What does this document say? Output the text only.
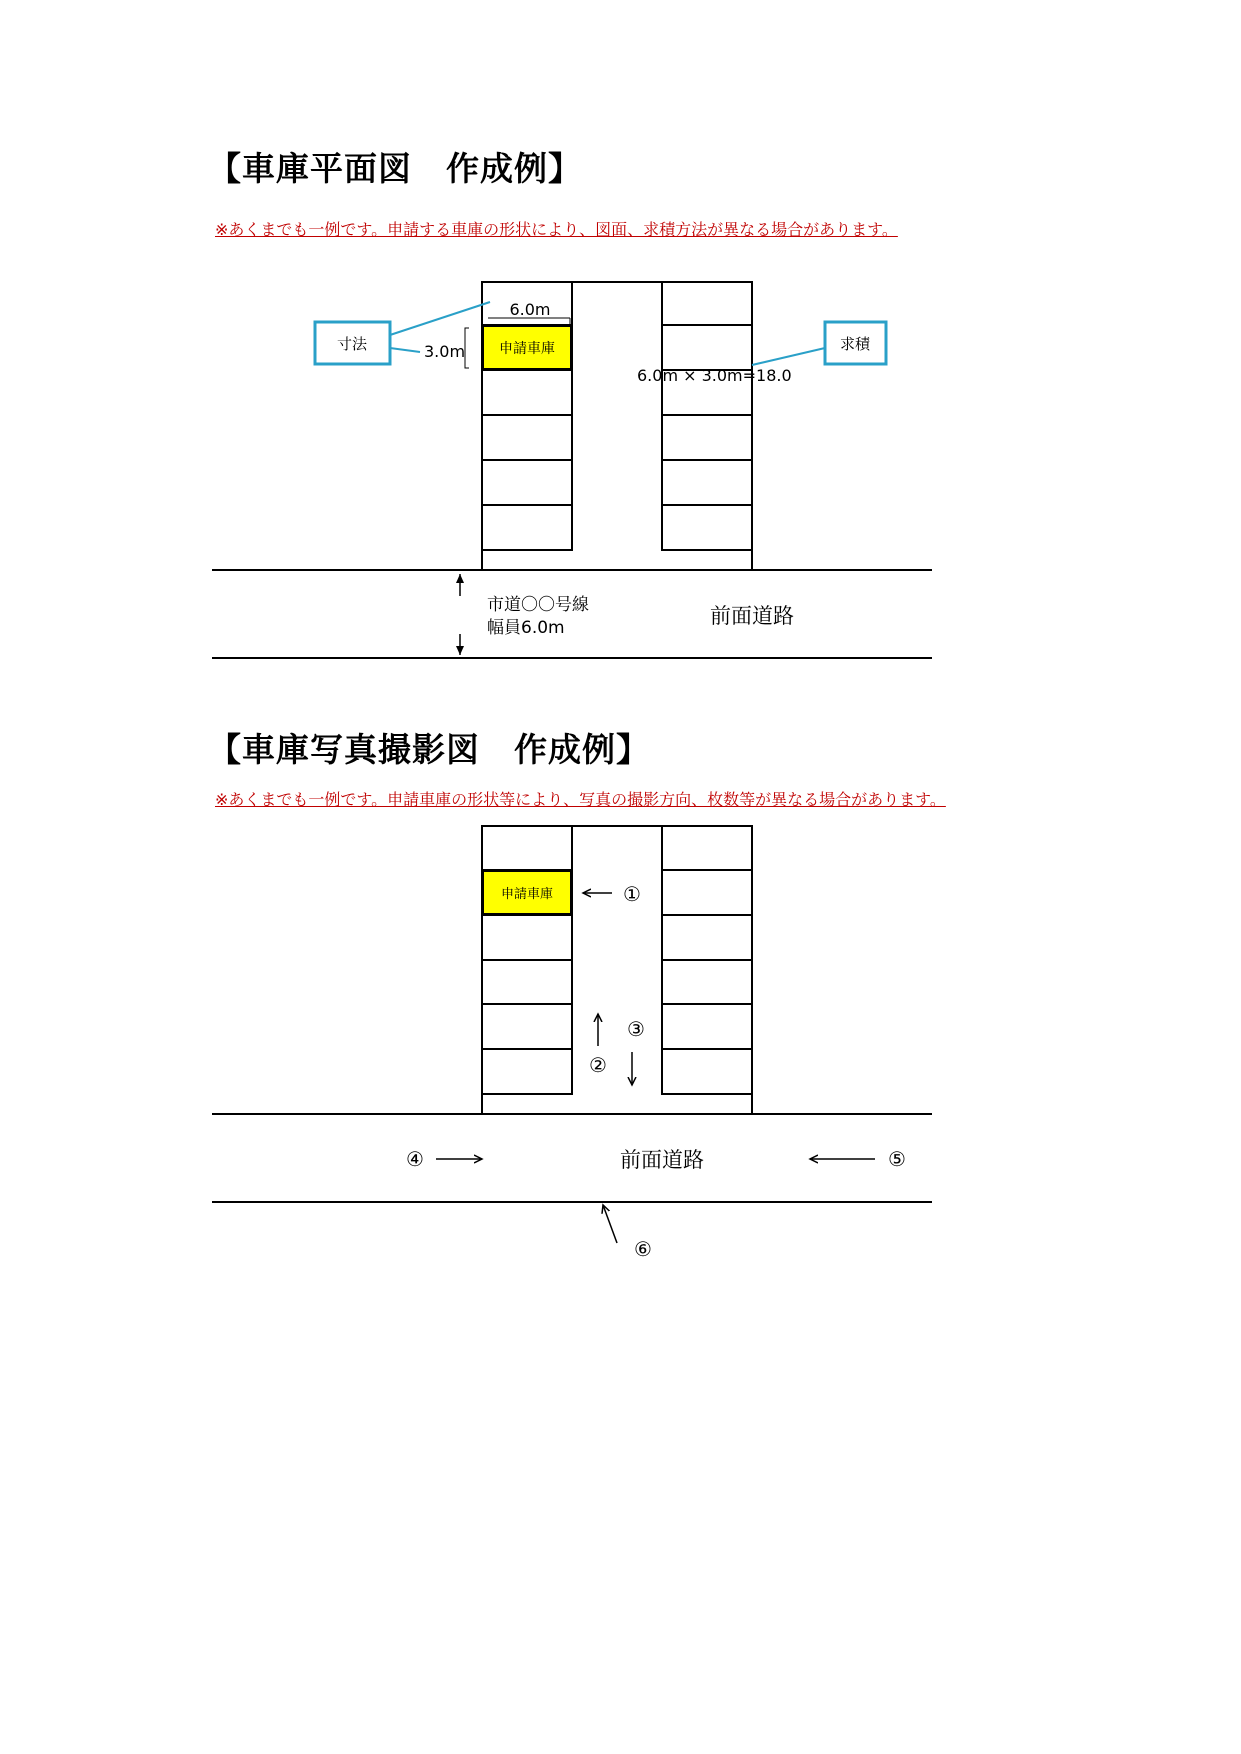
【車庫平面図　作成例】
※あくまでも一例です。申請する車庫の形状により、図面、求積方法が異なる場合があります。
【車庫写真撮影図　作成例】
※あくまでも一例です。申請車庫の形状等により、写真の撮影方向、枚数等が異なる場合があります。
申請車庫
6.0m
3.0m
寸法	求積
6.0m × 3.0m=18.0
市道〇〇号線
幅員6.0m	前面道路
申請車庫	①
②
③
④	前面道路	⑤
⑥
